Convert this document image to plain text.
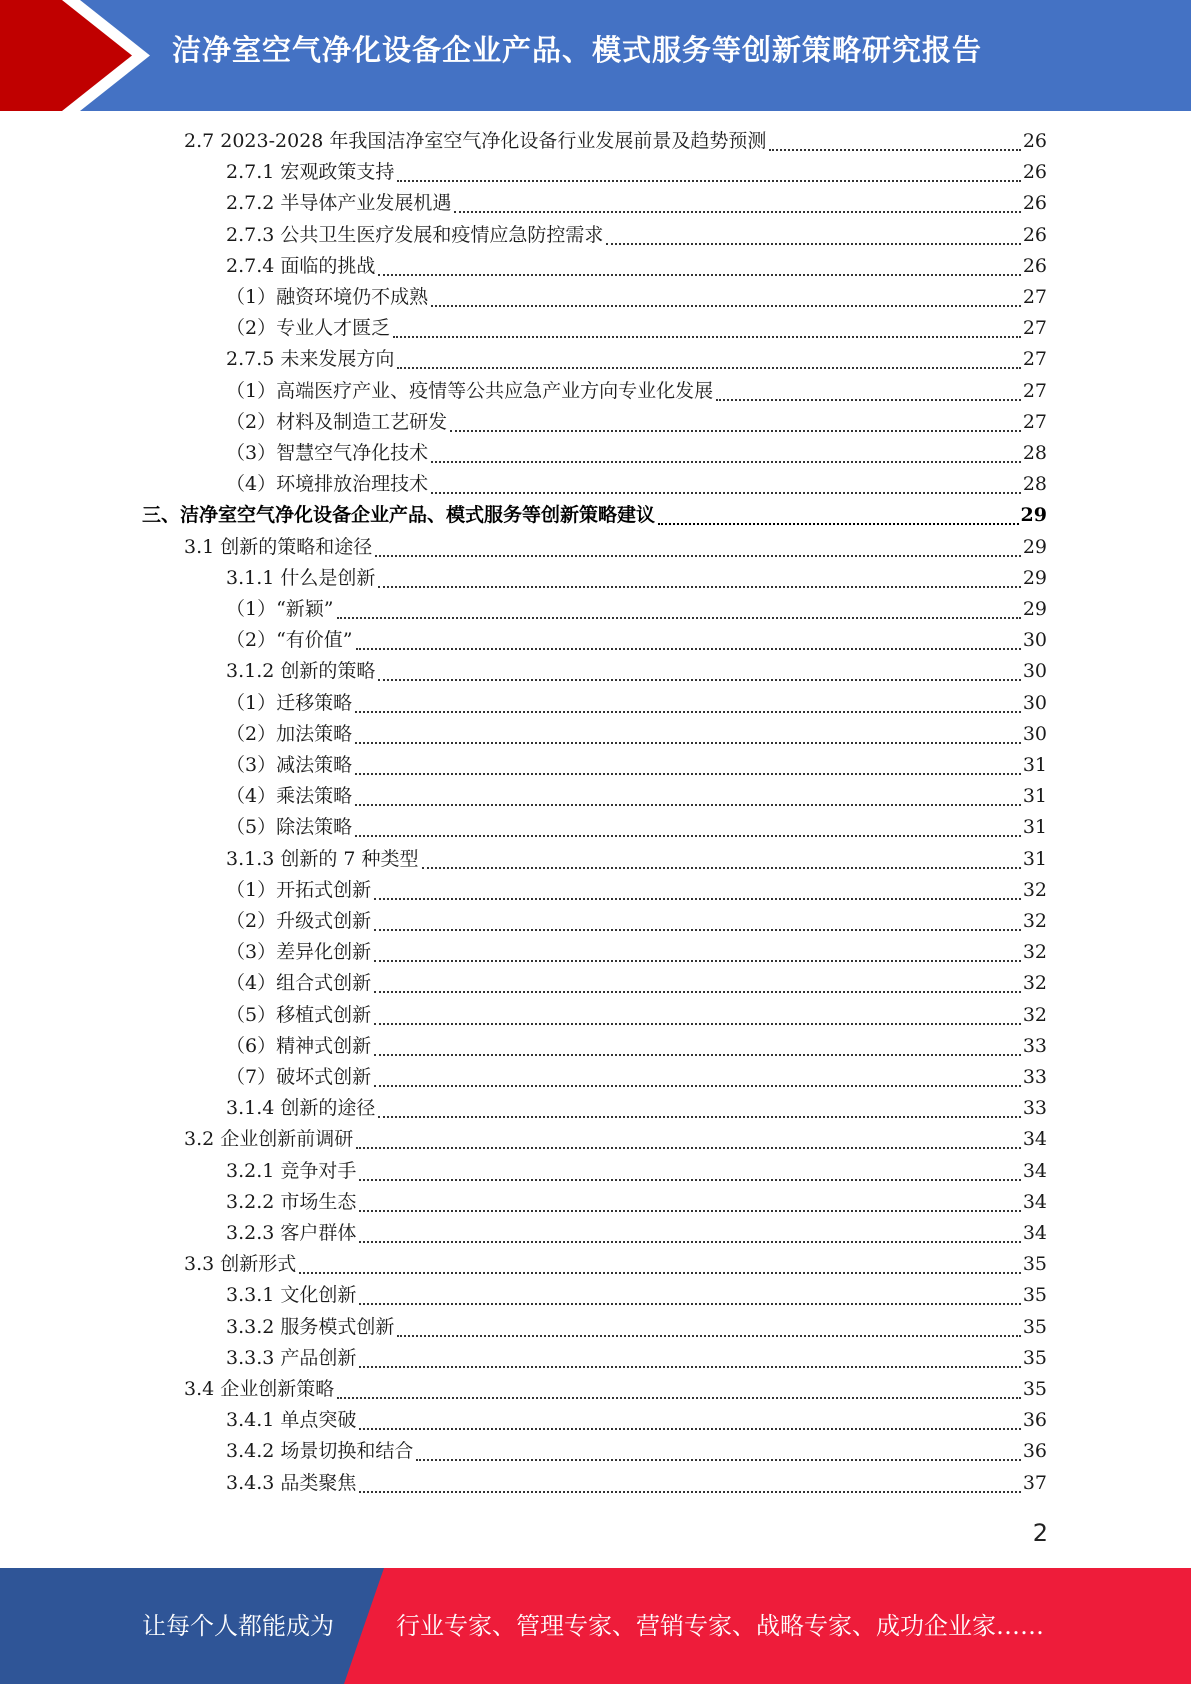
洁净室空气净化设备企业产品、模式服务等创新策略研究报告
2.7 2023-2028 年我国洁净室空气净化设备行业发展前景及趋势预测	26
2.7.1 宏观政策支持	26
2.7.2 半导体产业发展机遇	26
2.7.3 公共卫生医疗发展和疫情应急防控需求	26
2.7.4 面临的挑战	26
（1）融资环境仍不成熟	27
（2）专业人才匮乏	27
2.7.5 未来发展方向	27
（1）高端医疗产业、疫情等公共应急产业方向专业化发展	27
（2）材料及制造工艺研发	27
（3）智慧空气净化技术	28
（4）环境排放治理技术	28
三、洁净室空气净化设备企业产品、模式服务等创新策略建议	29
3.1 创新的策略和途径	29
3.1.1 什么是创新	29
（1）“新颖”	29
（2）“有价值”	30
3.1.2 创新的策略	30
（1）迁移策略	30
（2）加法策略	30
（3）减法策略	31
（4）乘法策略	31
（5）除法策略	31
3.1.3 创新的 7 种类型	31
（1）开拓式创新	32
（2）升级式创新	32
（3）差异化创新	32
（4）组合式创新	32
（5）移植式创新	32
（6）精神式创新	33
（7）破坏式创新	33
3.1.4 创新的途径	33
3.2 企业创新前调研	34
3.2.1 竞争对手	34
3.2.2 市场生态	34
3.2.3 客户群体	34
3.3 创新形式	35
3.3.1 文化创新	35
3.3.2 服务模式创新	35
3.3.3 产品创新	35
3.4 企业创新策略	35
3.4.1 单点突破	36
3.4.2 场景切换和结合	36
3.4.3 品类聚焦	37
2
让每个人都能成为	行业专家、管理专家、营销专家、战略专家、成功企业家……
